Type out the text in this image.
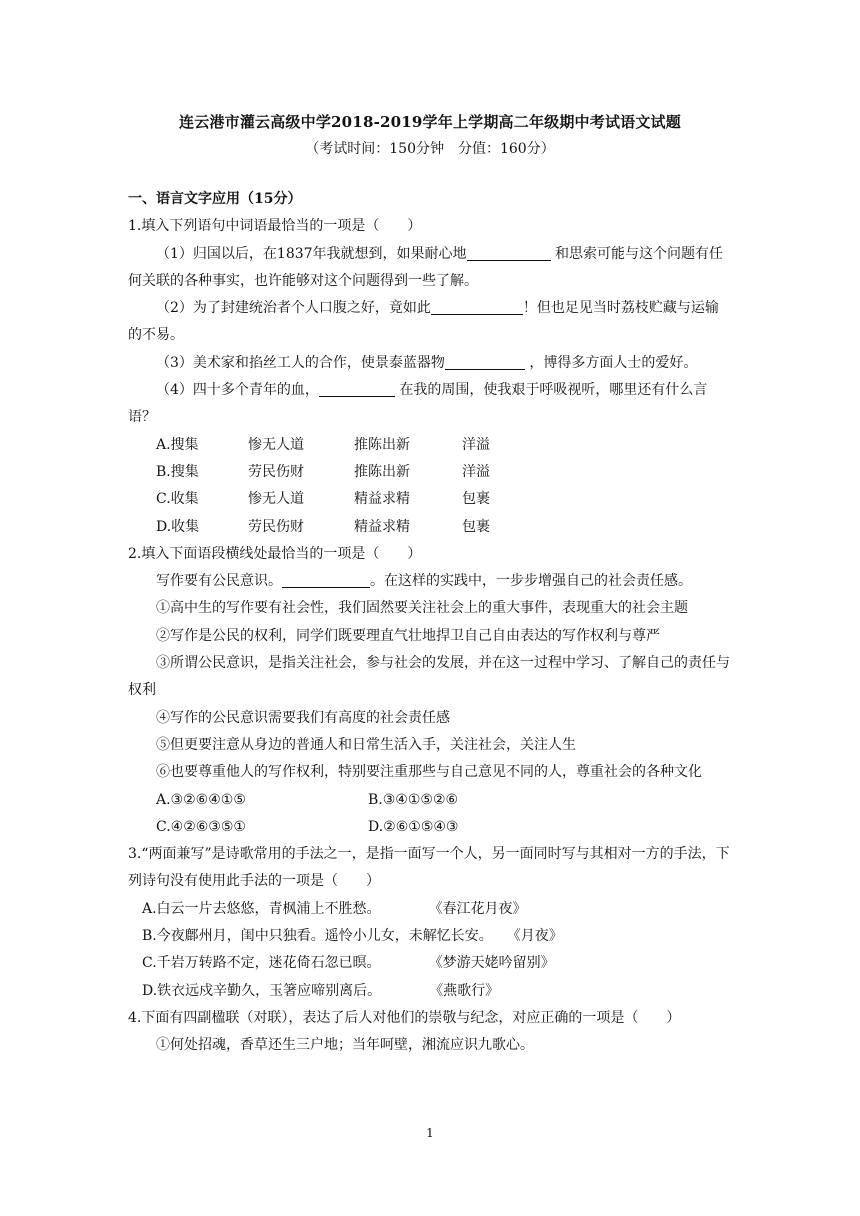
连云港市灌云高级中学2018-2019学年上学期高二年级期中考试语文试题
（考试时间：150分钟　分值：160分）

一、语言文字应用（15分）

1.填入下列语句中词语最恰当的一项是（　　）

（1）归国以后，在1837年我就想到，如果耐心地	和思索可能与这个问题有任何关联的各种事实，也许能够对这个问题得到一些了解。

（2）为了封建统治者个人口腹之好，竟如此	！但也足见当时荔枝贮藏与运输的不易。

（3）美术家和掐丝工人的合作，使景泰蓝器物	，博得多方面人士的爱好。

（4）四十多个青年的血，	在我的周围，使我艰于呼吸视听，哪里还有什么言语？

A.搜集	惨无人道	推陈出新	洋溢
B.搜集	劳民伤财	推陈出新	洋溢
C.收集	惨无人道	精益求精	包裹
D.收集	劳民伤财	精益求精	包裹

2.填入下面语段横线处最恰当的一项是（　　）

写作要有公民意识。	。在这样的实践中，一步步增强自己的社会责任感。

①高中生的写作要有社会性，我们固然要关注社会上的重大事件，表现重大的社会主题

②写作是公民的权利，同学们既要理直气壮地捍卫自己自由表达的写作权利与尊严

③所谓公民意识，是指关注社会，参与社会的发展，并在这一过程中学习、了解自己的责任与权利

④写作的公民意识需要我们有高度的社会责任感

⑤但更要注意从身边的普通人和日常生活入手，关注社会，关注人生

⑥也要尊重他人的写作权利，特别要注重那些与自己意见不同的人，尊重社会的各种文化

A.③②⑥④①⑤	B.③④①⑤②⑥
C.④②⑥③⑤①	D.②⑥①⑤④③

3.“两面兼写”是诗歌常用的手法之一，是指一面写一个人，另一面同时写与其相对一方的手法，下列诗句没有使用此手法的一项是（　　）

A.白云一片去悠悠，青枫浦上不胜愁。	《春江花月夜》
B.今夜鄜州月，闺中只独看。遥怜小儿女，未解忆长安。 《月夜》
C.千岩万转路不定，迷花倚石忽已暝。	《梦游天姥吟留别》
D.铁衣远戍辛勤久，玉箸应啼别离后。	《燕歌行》

4.下面有四副楹联（对联），表达了后人对他们的崇敬与纪念，对应正确的一项是（　　）

①何处招魂，香草还生三户地；当年呵壁，湘流应识九歌心。

1
